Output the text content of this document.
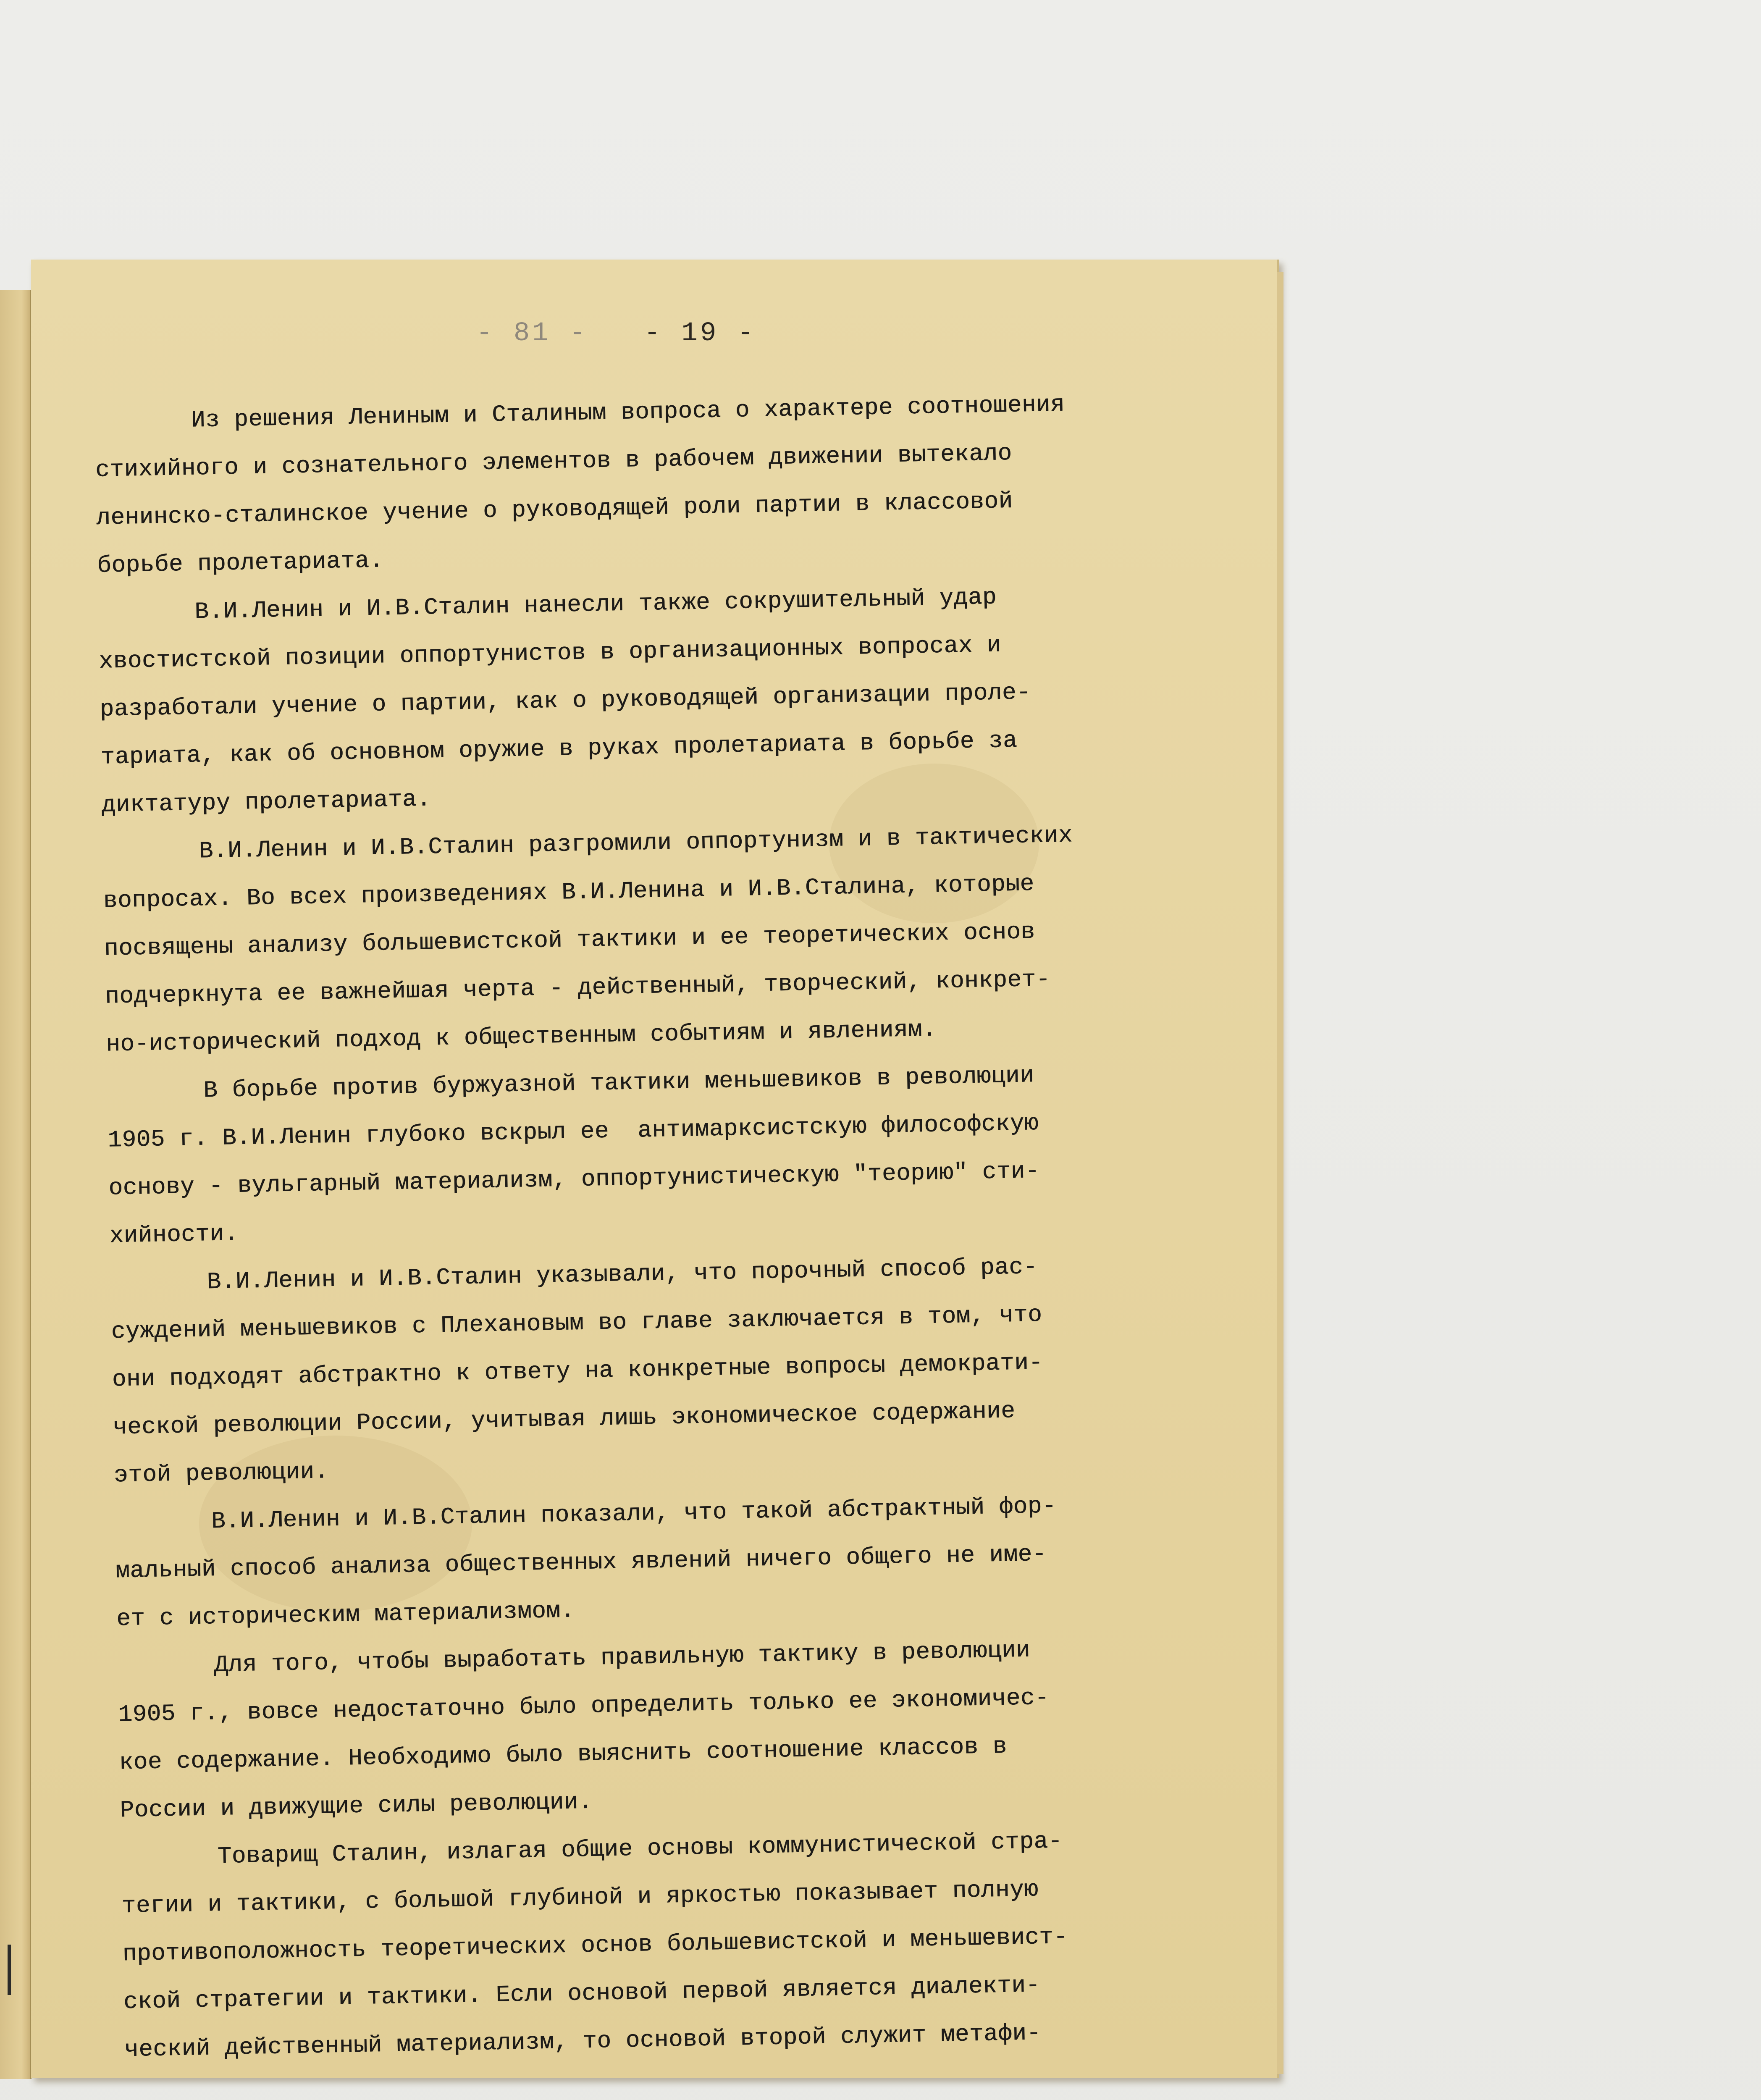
- 81 - - 19 -
Из решения Лениным и Сталиным вопроса о характере соотношения
стихийного и сознательного элементов в рабочем движении вытекало
ленинско-сталинское учение о руководящей роли партии в классовой
борьбе пролетариата.
В.И.Ленин и И.В.Сталин нанесли также сокрушительный удар
хвостистской позиции оппортунистов в организационных вопросах и
разработали учение о партии, как о руководящей организации проле-
тариата, как об основном оружие в руках пролетариата в борьбе за
диктатуру пролетариата.
В.И.Ленин и И.В.Сталин разгромили оппортунизм и в тактических
вопросах. Во всех произведениях В.И.Ленина и И.В.Сталина, которые
посвящены анализу большевистской тактики и ее теоретических основ
подчеркнута ее важнейшая черта - действенный, творческий, конкрет-
но-исторический подход к общественным событиям и явлениям.
В борьбе против буржуазной тактики меньшевиков в революции
1905 г. В.И.Ленин глубоко вскрыл ее  антимарксистскую философскую
основу - вульгарный материализм, оппортунистическую "теорию" сти-
хийности.
В.И.Ленин и И.В.Сталин указывали, что порочный способ рас-
суждений меньшевиков с Плехановым во главе заключается в том, что
они подходят абстрактно к ответу на конкретные вопросы демократи-
ческой революции России, учитывая лишь экономическое содержание
этой революции.
В.И.Ленин и И.В.Сталин показали, что такой абстрактный фор-
мальный способ анализа общественных явлений ничего общего не име-
ет с историческим материализмом.
Для того, чтобы выработать правильную тактику в революции
1905 г., вовсе недостаточно было определить только ее экономичес-
кое содержание. Необходимо было выяснить соотношение классов в
России и движущие силы революции.
Товарищ Сталин, излагая общие основы коммунистической стра-
тегии и тактики, с большой глубиной и яркостью показывает полную
противоположность теоретических основ большевистской и меньшевист-
ской стратегии и тактики. Если основой первой является диалекти-
ческий действенный материализм, то основой второй служит метафи-
